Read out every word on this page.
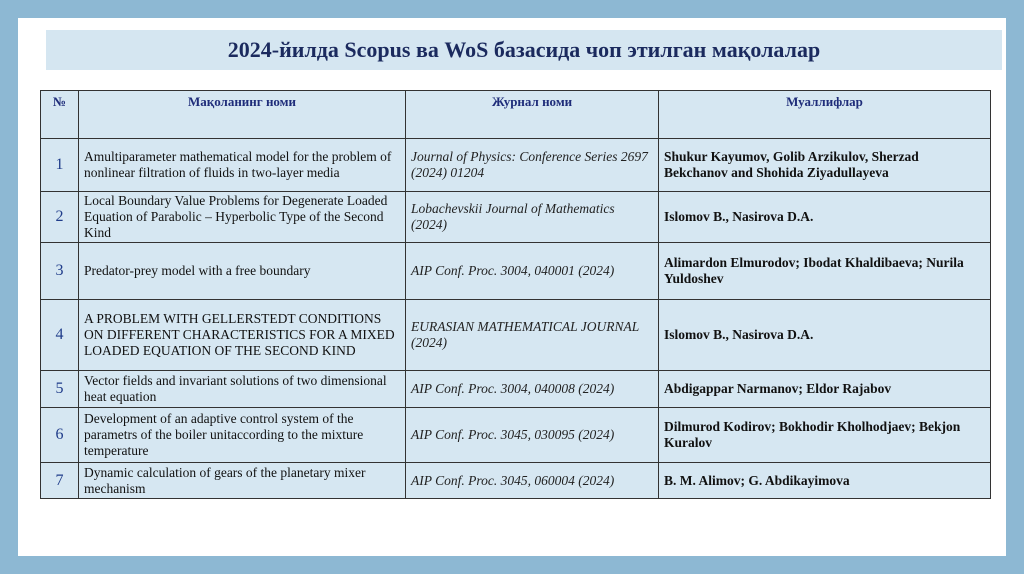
2024-йилда Scopus ва WoS базасида чоп этилган мақолалар
№	Мақоланинг номи	Журнал номи	Муаллифлар
1	Amultiparameter mathematical model for the problem of nonlinear filtration of fluids in two-layer media	Journal of Physics: Conference Series 2697 (2024) 01204	Shukur Kayumov, Golib Arzikulov, Sherzad Bekchanov and Shohida Ziyadullayeva
2	Local Boundary Value Problems for Degenerate Loaded Equation of Parabolic – Hyperbolic Type of the Second Kind	Lobachevskii Journal of Mathematics (2024)	Islomov B., Nasirova D.A.
3	Predator-prey model with a free boundary	AIP Conf. Proc. 3004, 040001 (2024)	Alimardon Elmurodov; Ibodat Khaldibaeva; Nurila Yuldoshev
4	A PROBLEM WITH GELLERSTEDT CONDITIONS ON DIFFERENT CHARACTERISTICS FOR A MIXED LOADED EQUATION OF THE SECOND KIND	EURASIAN MATHEMATICAL JOURNAL (2024)	Islomov B., Nasirova D.A.
5	Vector fields and invariant solutions of two dimensional heat equation	AIP Conf. Proc. 3004, 040008 (2024)	Abdigappar Narmanov; Eldor Rajabov
6	Development of an adaptive control system of the parametrs of the boiler unitaccording to the mixture temperature	AIP Conf. Proc. 3045, 030095 (2024)	Dilmurod Kodirov; Bokhodir Kholhodjaev; Bekjon Kuralov
7	Dynamic calculation of gears of the planetary mixer mechanism	AIP Conf. Proc. 3045, 060004 (2024)	B. M. Alimov; G. Abdikayimova
